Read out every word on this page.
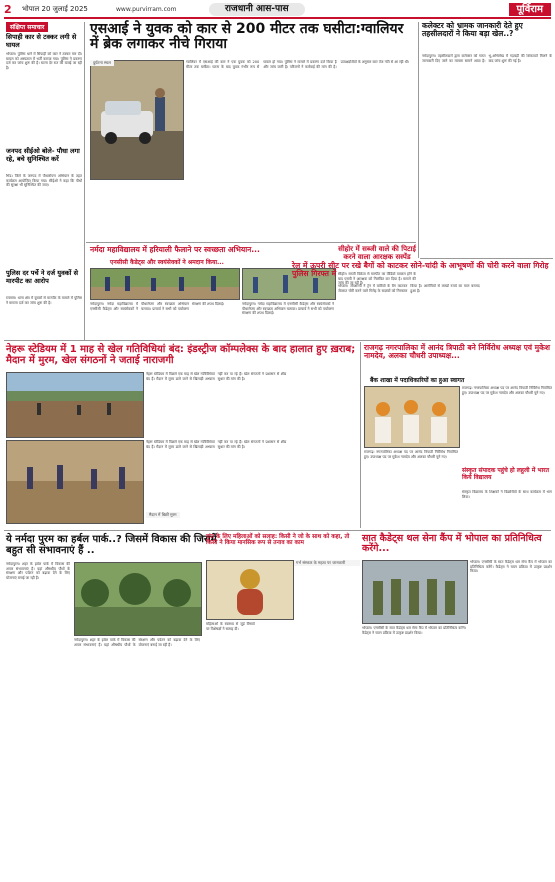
2 भोपाल 20 जुलाई 2025	www.purvirram.com	राजधानी आस-पास	पूर्विराम
संक्षिप्त समाचार
सिपाही कार से टक्कर लगी से घायल
भोपाल। पुलिस थाने में सिपाही को कार ने टक्कर मार दी। घायल को अस्पताल में भर्ती कराया गया। पुलिस ने प्रकरण दर्ज कर जांच शुरू की है। घटना देर रात की बताई जा रही है।
जनपद सीईओ बोले- पौधा लगा रहे, बचे सुनिश्चित करें
भिंड। जिले के जनपद में पौधारोपण अभियान के तहत कार्यक्रम आयोजित किया गया। सीईओ ने कहा कि पौधों की सुरक्षा भी सुनिश्चित की जाए।
पुलिस दर पर्चे ने दर्ज युवकों से मारपीट का आरोप
रतलाम। थाना क्षेत्र में युवकों से मारपीट के मामले में पुलिस ने मामला दर्ज कर जांच शुरू की है।
एसआई ने युवक को कार से 200 मीटर तक घसीटा:ग्वालियर में ब्रेक लगाकर नीचे गिराया
दुर्घटना स्थल	ग्वालियर में एसआई की कार ने एक युवक को 200 मीटर तक घसीटा। घटना के बाद युवक गंभीर रूप से घायल हो गया। पुलिस ने मामले में प्रकरण दर्ज किया है और जांच जारी है। परिजनों ने कार्रवाई की मांग की है। प्रत्यक्षदर्शियों के अनुसार कार तेज गति से आ रही थी।
नर्मदा महाविद्यालय में हरियाली फैलाने पर स्वच्छता अभियान...
एनसीसी कैडेट्स और स्वयंसेवकों ने श्रमदान किया...
नर्मदापुरम। नर्मदा महाविद्यालय में एनसीसी कैडेट्स और स्वयंसेवकों ने पौधारोपण और स्वच्छता अभियान चलाया। प्राचार्य ने सभी को पर्यावरण संरक्षण की शपथ दिलाई।	नर्मदापुरम। नर्मदा महाविद्यालय में एनसीसी कैडेट्स और स्वयंसेवकों ने पौधारोपण और स्वच्छता अभियान चलाया। प्राचार्य ने सभी को पर्यावरण संरक्षण की शपथ दिलाई।
सीहोर में सब्जी वाले की पिटाई करने वाला आरक्षक सस्पेंड
सीहोर। सब्जी विक्रेता से मारपीट का वीडियो वायरल होने के बाद एसपी ने आरक्षक को निलंबित कर दिया है। मामले की जांच की जा रही है।
कलेक्टर को भ्रामक जानकारी देते हुए तहसीलदारों ने किया बड़ा खेल..?
नर्मदापुरम। तहसीलदारों द्वारा कलेक्टर को गलत जानकारी दिए जाने का मामला सामने आया है। भू-अभिलेख में गड़बड़ी की शिकायतें मिलने के बाद जांच शुरू की गई है।
रेल में ऊपरी सीट पर रखे बैगों को काटकर सोने-चांदी के आभूषणों की चोरी करने वाला गिरोह पुलिस गिरफ्त में
भोपाल। जीआरपी ने ट्रेन में यात्रियों के बैग काटकर जेवरात चोरी करने वाले गिरोह के सदस्यों को गिरफ्तार किया है। आरोपियों से लाखों रुपये का माल बरामद हुआ है।
नेहरू स्टेडियम में 1 माह से खेल गतिविधियां बंद: इंडस्ट्रीज कॉम्पलेक्स के बाद हालात हुए ख़राब; मैदान में मुरम, खेल संगठनों ने जताई नाराजगी
नेहरू स्टेडियम में पिछले एक माह से खेल गतिविधियां बंद हैं। मैदान में मुरम डाले जाने से खिलाड़ी अभ्यास नहीं कर पा रहे हैं। खेल संगठनों ने प्रशासन से शीघ्र सुधार की मांग की है।
मैदान में बिछी मुरम
नेहरू स्टेडियम में पिछले एक माह से खेल गतिविधियां बंद हैं। मैदान में मुरम डाले जाने से खिलाड़ी अभ्यास नहीं कर पा रहे हैं। खेल संगठनों ने प्रशासन से शीघ्र सुधार की मांग की है।
राजगढ़ नगरपालिका में आनंद त्रिपाठी बने निर्विरोध अध्यक्ष एवं मुकेश नामदेव, अलका चौधरी उपाध्यक्ष...
बैंक शाखा में पदाधिकारियों का हुआ स्वागत
राजगढ़। नगरपालिका अध्यक्ष पद पर आनंद त्रिपाठी निर्विरोध निर्वाचित हुए। उपाध्यक्ष पद पर मुकेश नामदेव और अलका चौधरी चुने गए।
राजगढ़। नगरपालिका अध्यक्ष पद पर आनंद त्रिपाठी निर्विरोध निर्वाचित हुए। उपाध्यक्ष पद पर मुकेश नामदेव और अलका चौधरी चुने गए।
संस्कृत संपादक पहुंचे हो लहुली में भारत किये विद्यालय
संस्कृत विद्यालय के शिक्षकों ने विद्यार्थियों के साथ कार्यक्रम में भाग लिया।
ये नर्मदा पुरम का हर्बल पार्क..? जिसमें विकास की जिसमें बहुत सी संभावनाएं हैं ..
नर्मदापुरम। शहर के हर्बल पार्क में विकास की अपार संभावनाएं हैं। यहां औषधीय पौधों के संरक्षण और पर्यटन को बढ़ावा देने के लिए योजनाएं बनाई जा रही हैं।
नर्मदापुरम। शहर के हर्बल पार्क में विकास की अपार संभावनाएं हैं। यहां औषधीय पौधों के संरक्षण और पर्यटन को बढ़ावा देने के लिए योजनाएं बनाई जा रही हैं।
दांत के लिए महिलाओं को सलाह: किसी ने जो के साथ को कहा, तो किसी ने किया मानसिक रूप से तनाव का काम
गर्भ संस्कार के महत्व पर जानकारी
महिलाओं के स्वास्थ्य से जुड़े विषयों पर विशेषज्ञों ने सलाह दी।
सात कैडेट्स थल सेना कैंप में भोपाल का प्रतिनिधित्व करेंगे...
भोपाल। एनसीसी के सात कैडेट्स थल सेना कैंप में भोपाल का प्रतिनिधित्व करेंगे। कैडेट्स ने चयन प्रक्रिया में उत्कृष्ट प्रदर्शन किया।
भोपाल। एनसीसी के सात कैडेट्स थल सेना कैंप में भोपाल का प्रतिनिधित्व करेंगे। कैडेट्स ने चयन प्रक्रिया में उत्कृष्ट प्रदर्शन किया।
